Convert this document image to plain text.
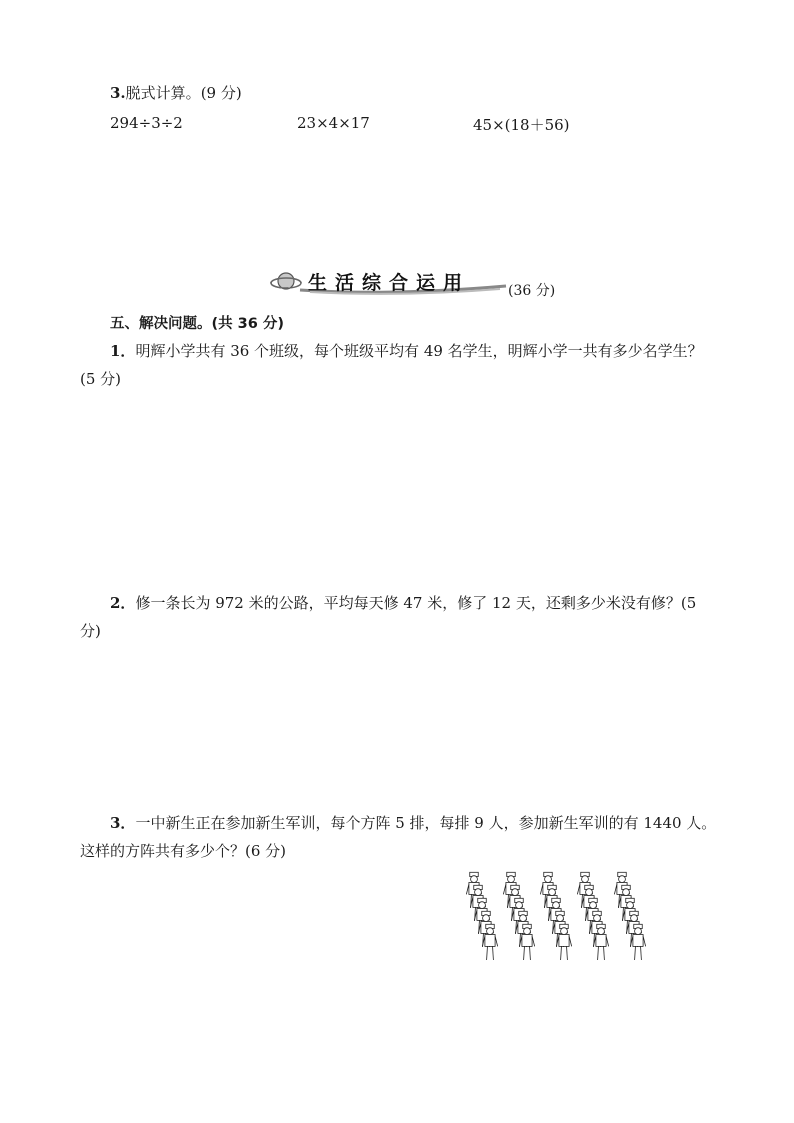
3.脱式计算。(9 分)
294÷3÷2	23×4×17	45×(18＋56)
生活综合运用	(36 分)
五、解决问题。(共 36 分)
1．明辉小学共有 36 个班级，每个班级平均有 49 名学生，明辉小学一共有多少名学生？
(5 分)
2．修一条长为 972 米的公路，平均每天修 47 米，修了 12 天，还剩多少米没有修？(5
分)
3．一中新生正在参加新生军训，每个方阵 5 排，每排 9 人，参加新生军训的有 1440 人。
这样的方阵共有多少个？(6 分)
